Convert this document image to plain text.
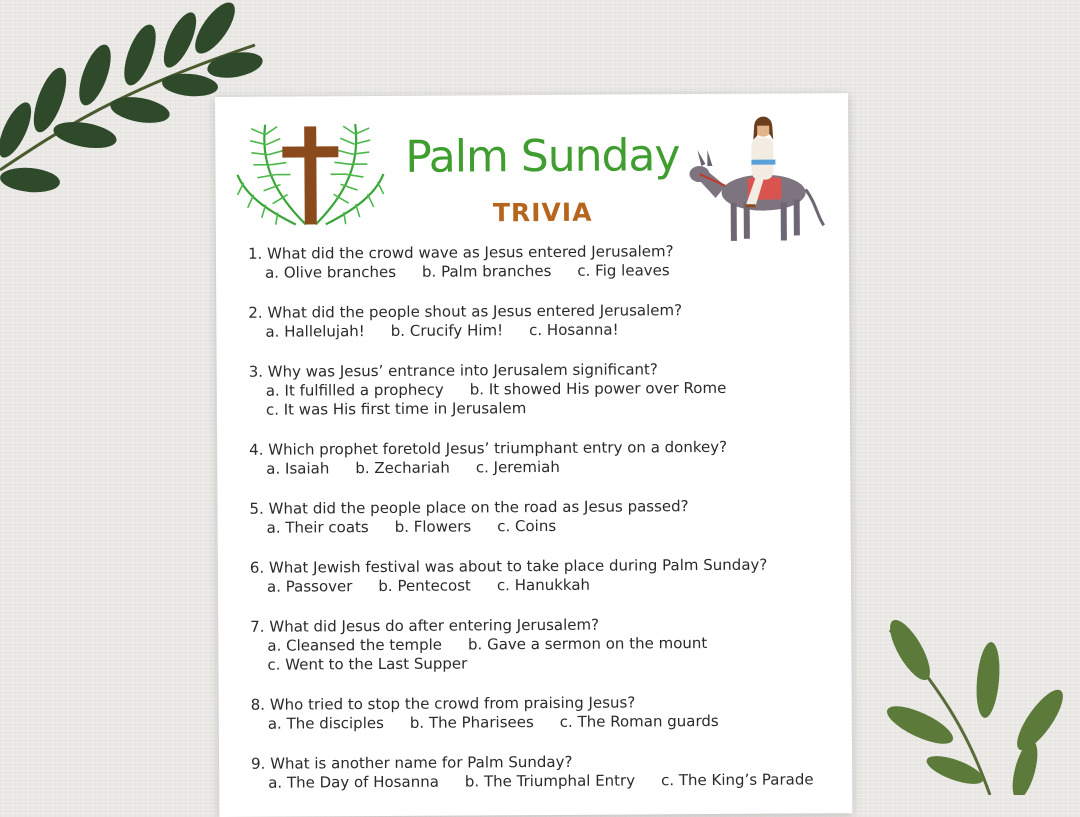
Palm Sunday
TRIVIA
1. What did the crowd wave as Jesus entered Jerusalem?
a. Olive branches b. Palm branches c. Fig leaves
2. What did the people shout as Jesus entered Jerusalem?
a. Hallelujah! b. Crucify Him! c. Hosanna!
3. Why was Jesus’ entrance into Jerusalem significant?
a. It fulfilled a prophecy b. It showed His power over Rome
c. It was His first time in Jerusalem
4. Which prophet foretold Jesus’ triumphant entry on a donkey?
a. Isaiah b. Zechariah c. Jeremiah
5. What did the people place on the road as Jesus passed?
a. Their coats b. Flowers c. Coins
6. What Jewish festival was about to take place during Palm Sunday?
a. Passover b. Pentecost c. Hanukkah
7. What did Jesus do after entering Jerusalem?
a. Cleansed the temple b. Gave a sermon on the mount
c. Went to the Last Supper
8. Who tried to stop the crowd from praising Jesus?
a. The disciples b. The Pharisees c. The Roman guards
9. What is another name for Palm Sunday?
a. The Day of Hosanna b. The Triumphal Entry c. The King’s Parade
